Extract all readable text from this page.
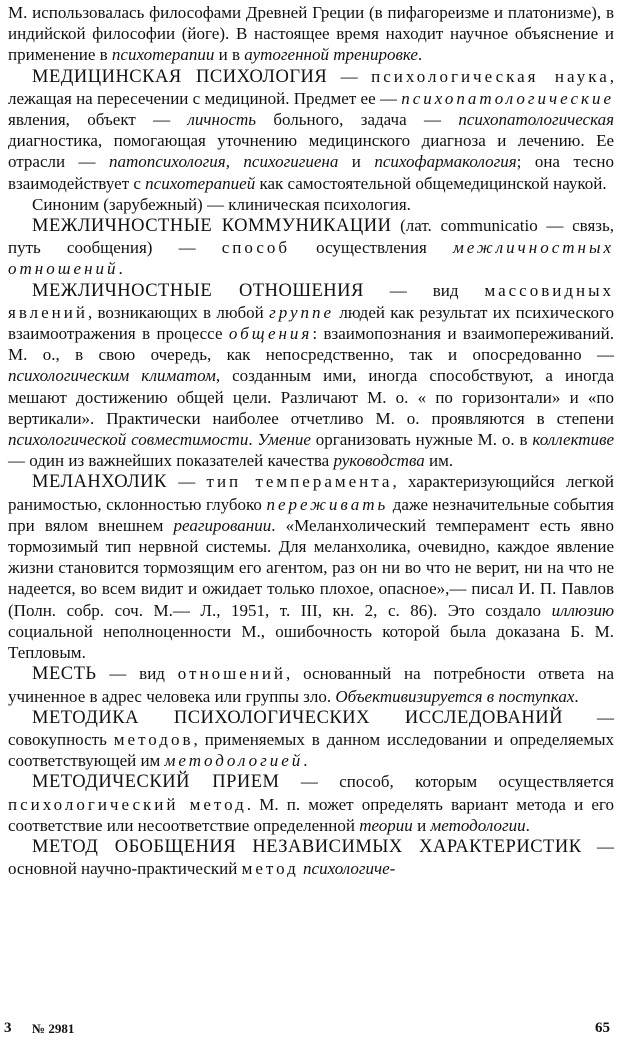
М. использовалась философами Древней Греции (в пифагореизме и платонизме), в индийской философии (йоге). В настоящее время находит научное объяснение и применение в психотерапии и в аутогенной тренировке.

МЕДИЦИНСКАЯ ПСИХОЛОГИЯ — психологическая наука, лежащая на пересечении с медициной. Предмет ее — психопатологические явления, объект — личность больного, задача — психопатологическая диагностика, помогающая уточнению медицинского диагноза и лечению. Ее отрасли — патопсихология, психогигиена и психофармакология; она тесно взаимодействует с психотерапией как самостоятельной общемедицинской наукой.

Синоним (зарубежный) — клиническая психология.

МЕЖЛИЧНОСТНЫЕ КОММУНИКАЦИИ (лат. communicatio — связь, путь сообщения) — способ осуществления межличностных отношений.

МЕЖЛИЧНОСТНЫЕ ОТНОШЕНИЯ — вид массовидных явлений, возникающих в любой группе людей как результат их психического взаимоотражения в процессе общения: взаимопознания и взаимопереживаний. М. о., в свою очередь, как непосредственно, так и опосредованно — психологическим климатом, созданным ими, иногда способствуют, а иногда мешают достижению общей цели. Различают М. о. « по горизонтали» и «по вертикали». Практически наиболее отчетливо М. о. проявляются в степени психологической совместимости. Умение организовать нужные М. о. в коллективе — один из важнейших показателей качества руководства им.

МЕЛАНХОЛИК — тип темперамента, характеризующийся легкой ранимостью, склонностью глубоко переживать даже незначительные события при вялом внешнем реагировании. «Меланхолический темперамент есть явно тормозимый тип нервной системы. Для меланхолика, очевидно, каждое явление жизни становится тормозящим его агентом, раз он ни во что не верит, ни на что не надеется, во всем видит и ожидает только плохое, опасное»,— писал И. П. Павлов (Полн. собр. соч. М.— Л., 1951, т. III, кн. 2, с. 86). Это создало иллюзию социальной неполноценности М., ошибочность которой была доказана Б. М. Тепловым.

МЕСТЬ — вид отношений, основанный на потребности ответа на учиненное в адрес человека или группы зло. Объективизируется в поступках.

МЕТОДИКА ПСИХОЛОГИЧЕСКИХ ИССЛЕДОВАНИЙ — совокупность методов, применяемых в данном исследовании и определяемых соответствующей им методологией.

МЕТОДИЧЕСКИЙ ПРИЕМ — способ, которым осуществляется психологический метод. М. п. может определять вариант метода и его соответствие или несоответствие определенной теории и методологии.

МЕТОД ОБОБЩЕНИЯ НЕЗАВИСИМЫХ ХАРАКТЕРИСТИК — основной научно-практический метод психологиче-

3 № 2981	65
